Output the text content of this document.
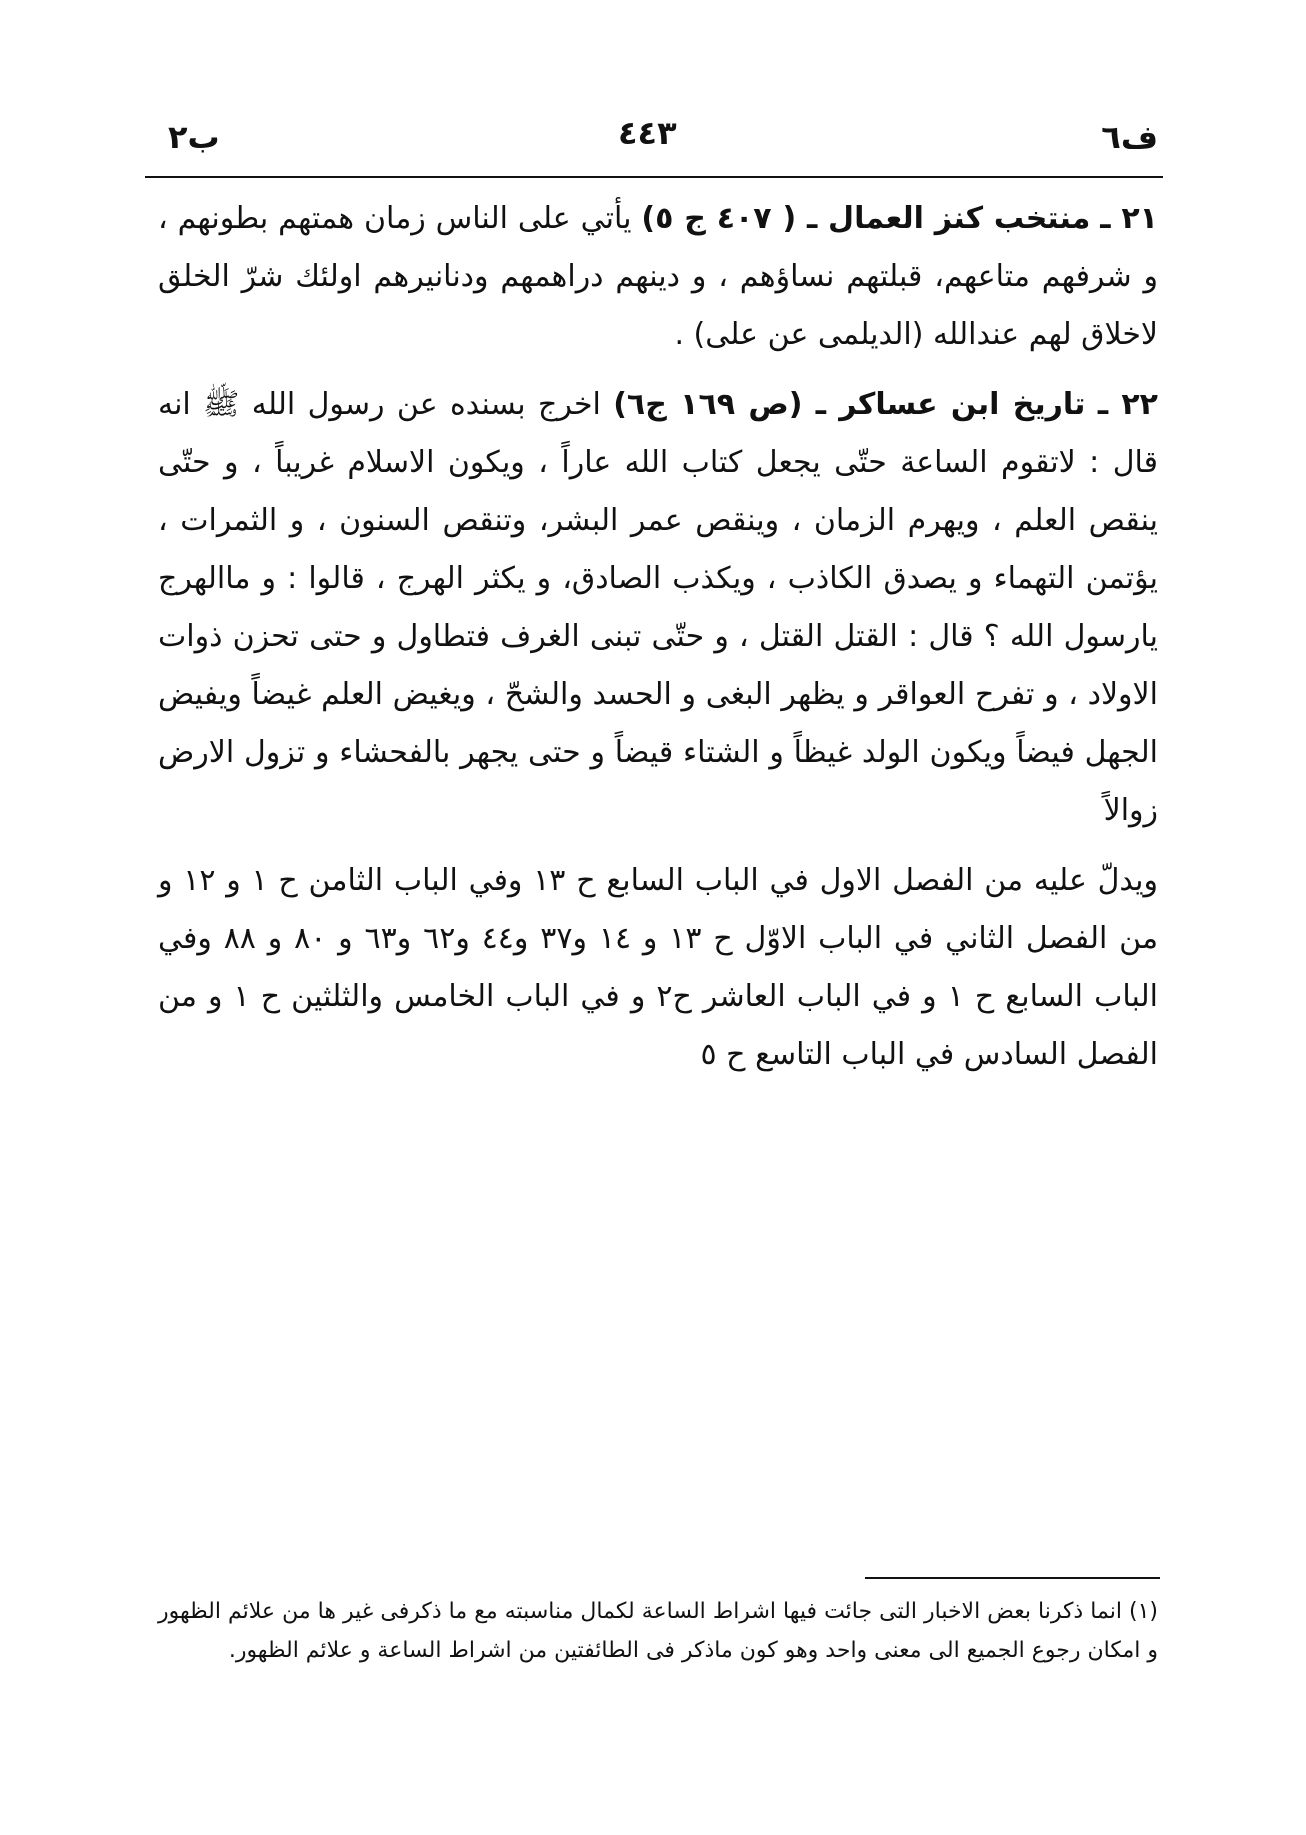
ب٢	٤٤٣	ف٦

٢١ ـ منتخب كنز العمال ـ ( ٤٠٧ ج ٥) يأتي على الناس زمان همتهم بطونهم ، و شرفهم متاعهم، قبلتهم نساؤهم ، و دينهم دراهمهم ودنانيرهم اولئك شرّ الخلق لاخلاق لهم عندالله (الديلمى عن على) .

٢٢ ـ تاريخ ابن عساكر ـ (ص ١٦٩ ج٦) اخرج بسنده عن رسول الله ﷺ انه قال : لاتقوم الساعة حتّى يجعل كتاب الله عاراً ، ويكون الاسلام غريباً ، و حتّى ينقص العلم ، ويهرم الزمان ، وينقص عمر البشر، وتنقص السنون ، و الثمرات ، يؤتمن التهماء و يصدق الكاذب ، ويكذب الصادق، و يكثر الهرج ، قالوا : و ماالهرج يارسول الله ؟ قال : القتل القتل ، و حتّى تبنى الغرف فتطاول و حتى تحزن ذوات الاولاد ، و تفرح العواقر و يظهر البغى و الحسد والشحّ ، ويغيض العلم غيضاً ويفيض الجهل فيضاً ويكون الولد غيظاً و الشتاء قيضاً و حتى يجهر بالفحشاء و تزول الارض زوالاً

ويدلّ عليه من الفصل الاول في الباب السابع ح ١٣ وفي الباب الثامن ح ١ و ١٢ و من الفصل الثاني في الباب الاوّل ح ١٣ و ١٤ و٣٧ و٤٤ و٦٢ و٦٣ و ٨٠ و ٨٨ وفي الباب السابع ح ١ و في الباب العاشر ح٢ و في الباب الخامس والثلثين ح ١ و من الفصل السادس في الباب التاسع ح ٥

(١) انما ذكرنا بعض الاخبار التى جائت فيها اشراط الساعة لكمال مناسبته مع ما ذكرفى غير ها من علائم الظهور و امكان رجوع الجميع الى معنى واحد وهو كون ماذكر فى الطائفتين من اشراط الساعة و علائم الظهور.
